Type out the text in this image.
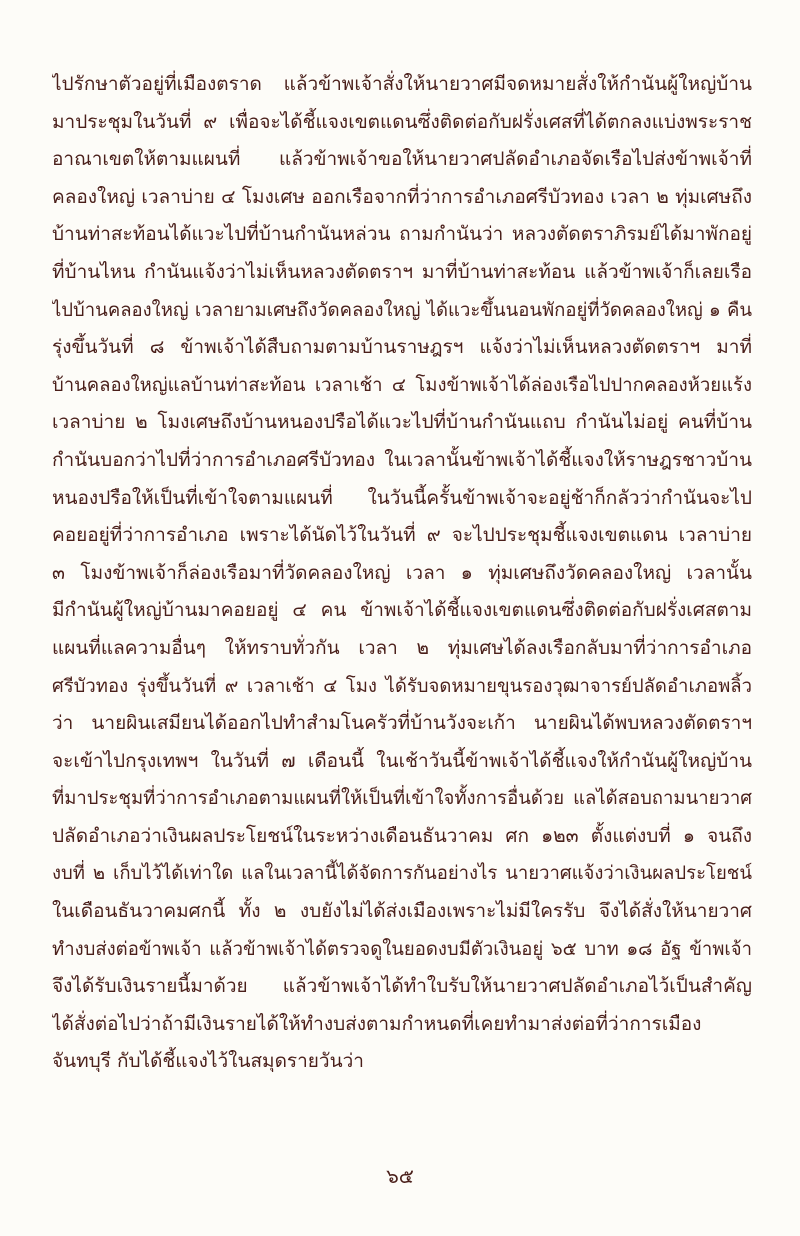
ไปรักษาตัวอยู่ที่เมืองตราด แล้วข้าพเจ้าสั่งให้นายวาศมีจดหมายสั่งให้กำนันผู้ใหญ่บ้าน
มาประชุมในวันที่ ๙ เพื่อจะได้ชี้แจงเขตแดนซึ่งติดต่อกับฝรั่งเศสที่ได้ตกลงแบ่งพระราช
อาณาเขตให้ตามแผนที่ แล้วข้าพเจ้าขอให้นายวาศปลัดอำเภอจัดเรือไปส่งข้าพเจ้าที่
คลองใหญ่ เวลาบ่าย ๔ โมงเศษ ออกเรือจากที่ว่าการอำเภอศรีบัวทอง เวลา ๒ ทุ่มเศษถึง
บ้านท่าสะท้อนได้แวะไปที่บ้านกำนันหล่วน ถามกำนันว่า หลวงตัดตราภิรมย์ได้มาพักอยู่
ที่บ้านไหน กำนันแจ้งว่าไม่เห็นหลวงตัดตราฯ มาที่บ้านท่าสะท้อน แล้วข้าพเจ้าก็เลยเรือ
ไปบ้านคลองใหญ่ เวลายามเศษถึงวัดคลองใหญ่ ได้แวะขึ้นนอนพักอยู่ที่วัดคลองใหญ่ ๑ คืน
รุ่งขึ้นวันที่ ๘ ข้าพเจ้าได้สืบถามตามบ้านราษฎรฯ แจ้งว่าไม่เห็นหลวงตัดตราฯ มาที่
บ้านคลองใหญ่แลบ้านท่าสะท้อน เวลาเช้า ๔ โมงข้าพเจ้าได้ล่องเรือไปปากคลองห้วยแร้ง
เวลาบ่าย ๒ โมงเศษถึงบ้านหนองปรือได้แวะไปที่บ้านกำนันแถบ กำนันไม่อยู่ คนที่บ้าน
กำนันบอกว่าไปที่ว่าการอำเภอศรีบัวทอง ในเวลานั้นข้าพเจ้าได้ชี้แจงให้ราษฎรชาวบ้าน
หนองปรือให้เป็นที่เข้าใจตามแผนที่ ในวันนี้ครั้นข้าพเจ้าจะอยู่ช้าก็กลัวว่ากำนันจะไป
คอยอยู่ที่ว่าการอำเภอ เพราะได้นัดไว้ในวันที่ ๙ จะไปประชุมชี้แจงเขตแดน เวลาบ่าย
๓ โมงข้าพเจ้าก็ล่องเรือมาที่วัดคลองใหญ่ เวลา ๑ ทุ่มเศษถึงวัดคลองใหญ่ เวลานั้น
มีกำนันผู้ใหญ่บ้านมาคอยอยู่ ๔ คน ข้าพเจ้าได้ชี้แจงเขตแดนซึ่งติดต่อกับฝรั่งเศสตาม
แผนที่แลความอื่นๆ ให้ทราบทั่วกัน เวลา ๒ ทุ่มเศษได้ลงเรือกลับมาที่ว่าการอำเภอ
ศรีบัวทอง รุ่งขึ้นวันที่ ๙ เวลาเช้า ๔ โมง ได้รับจดหมายขุนรองวุฒาจารย์ปลัดอำเภอพลิ้ว
ว่า นายผินเสมียนได้ออกไปทำสำมโนครัวที่บ้านวังจะเก้า นายผินได้พบหลวงตัดตราฯ
จะเข้าไปกรุงเทพฯ ในวันที่ ๗ เดือนนี้ ในเช้าวันนี้ข้าพเจ้าได้ชี้แจงให้กำนันผู้ใหญ่บ้าน
ที่มาประชุมที่ว่าการอำเภอตามแผนที่ให้เป็นที่เข้าใจทั้งการอื่นด้วย แลได้สอบถามนายวาศ
ปลัดอำเภอว่าเงินผลประโยชน์ในระหว่างเดือนธันวาคม ศก ๑๒๓ ตั้งแต่งบที่ ๑ จนถึง
งบที่ ๒ เก็บไว้ได้เท่าใด แลในเวลานี้ได้จัดการกันอย่างไร นายวาศแจ้งว่าเงินผลประโยชน์
ในเดือนธันวาคมศกนี้ ทั้ง ๒ งบยังไม่ได้ส่งเมืองเพราะไม่มีใครรับ จึงได้สั่งให้นายวาศ
ทำงบส่งต่อข้าพเจ้า แล้วข้าพเจ้าได้ตรวจดูในยอดงบมีตัวเงินอยู่ ๖๕ บาท ๑๘ อัฐ ข้าพเจ้า
จึงได้รับเงินรายนี้มาด้วย แล้วข้าพเจ้าได้ทำใบรับให้นายวาศปลัดอำเภอไว้เป็นสำคัญ
ได้สั่งต่อไปว่าถ้ามีเงินรายได้ให้ทำงบส่งตามกำหนดที่เคยทำมาส่งต่อที่ว่าการเมือง
จันทบุรี กับได้ชี้แจงไว้ในสมุดรายวันว่า
๖๕
